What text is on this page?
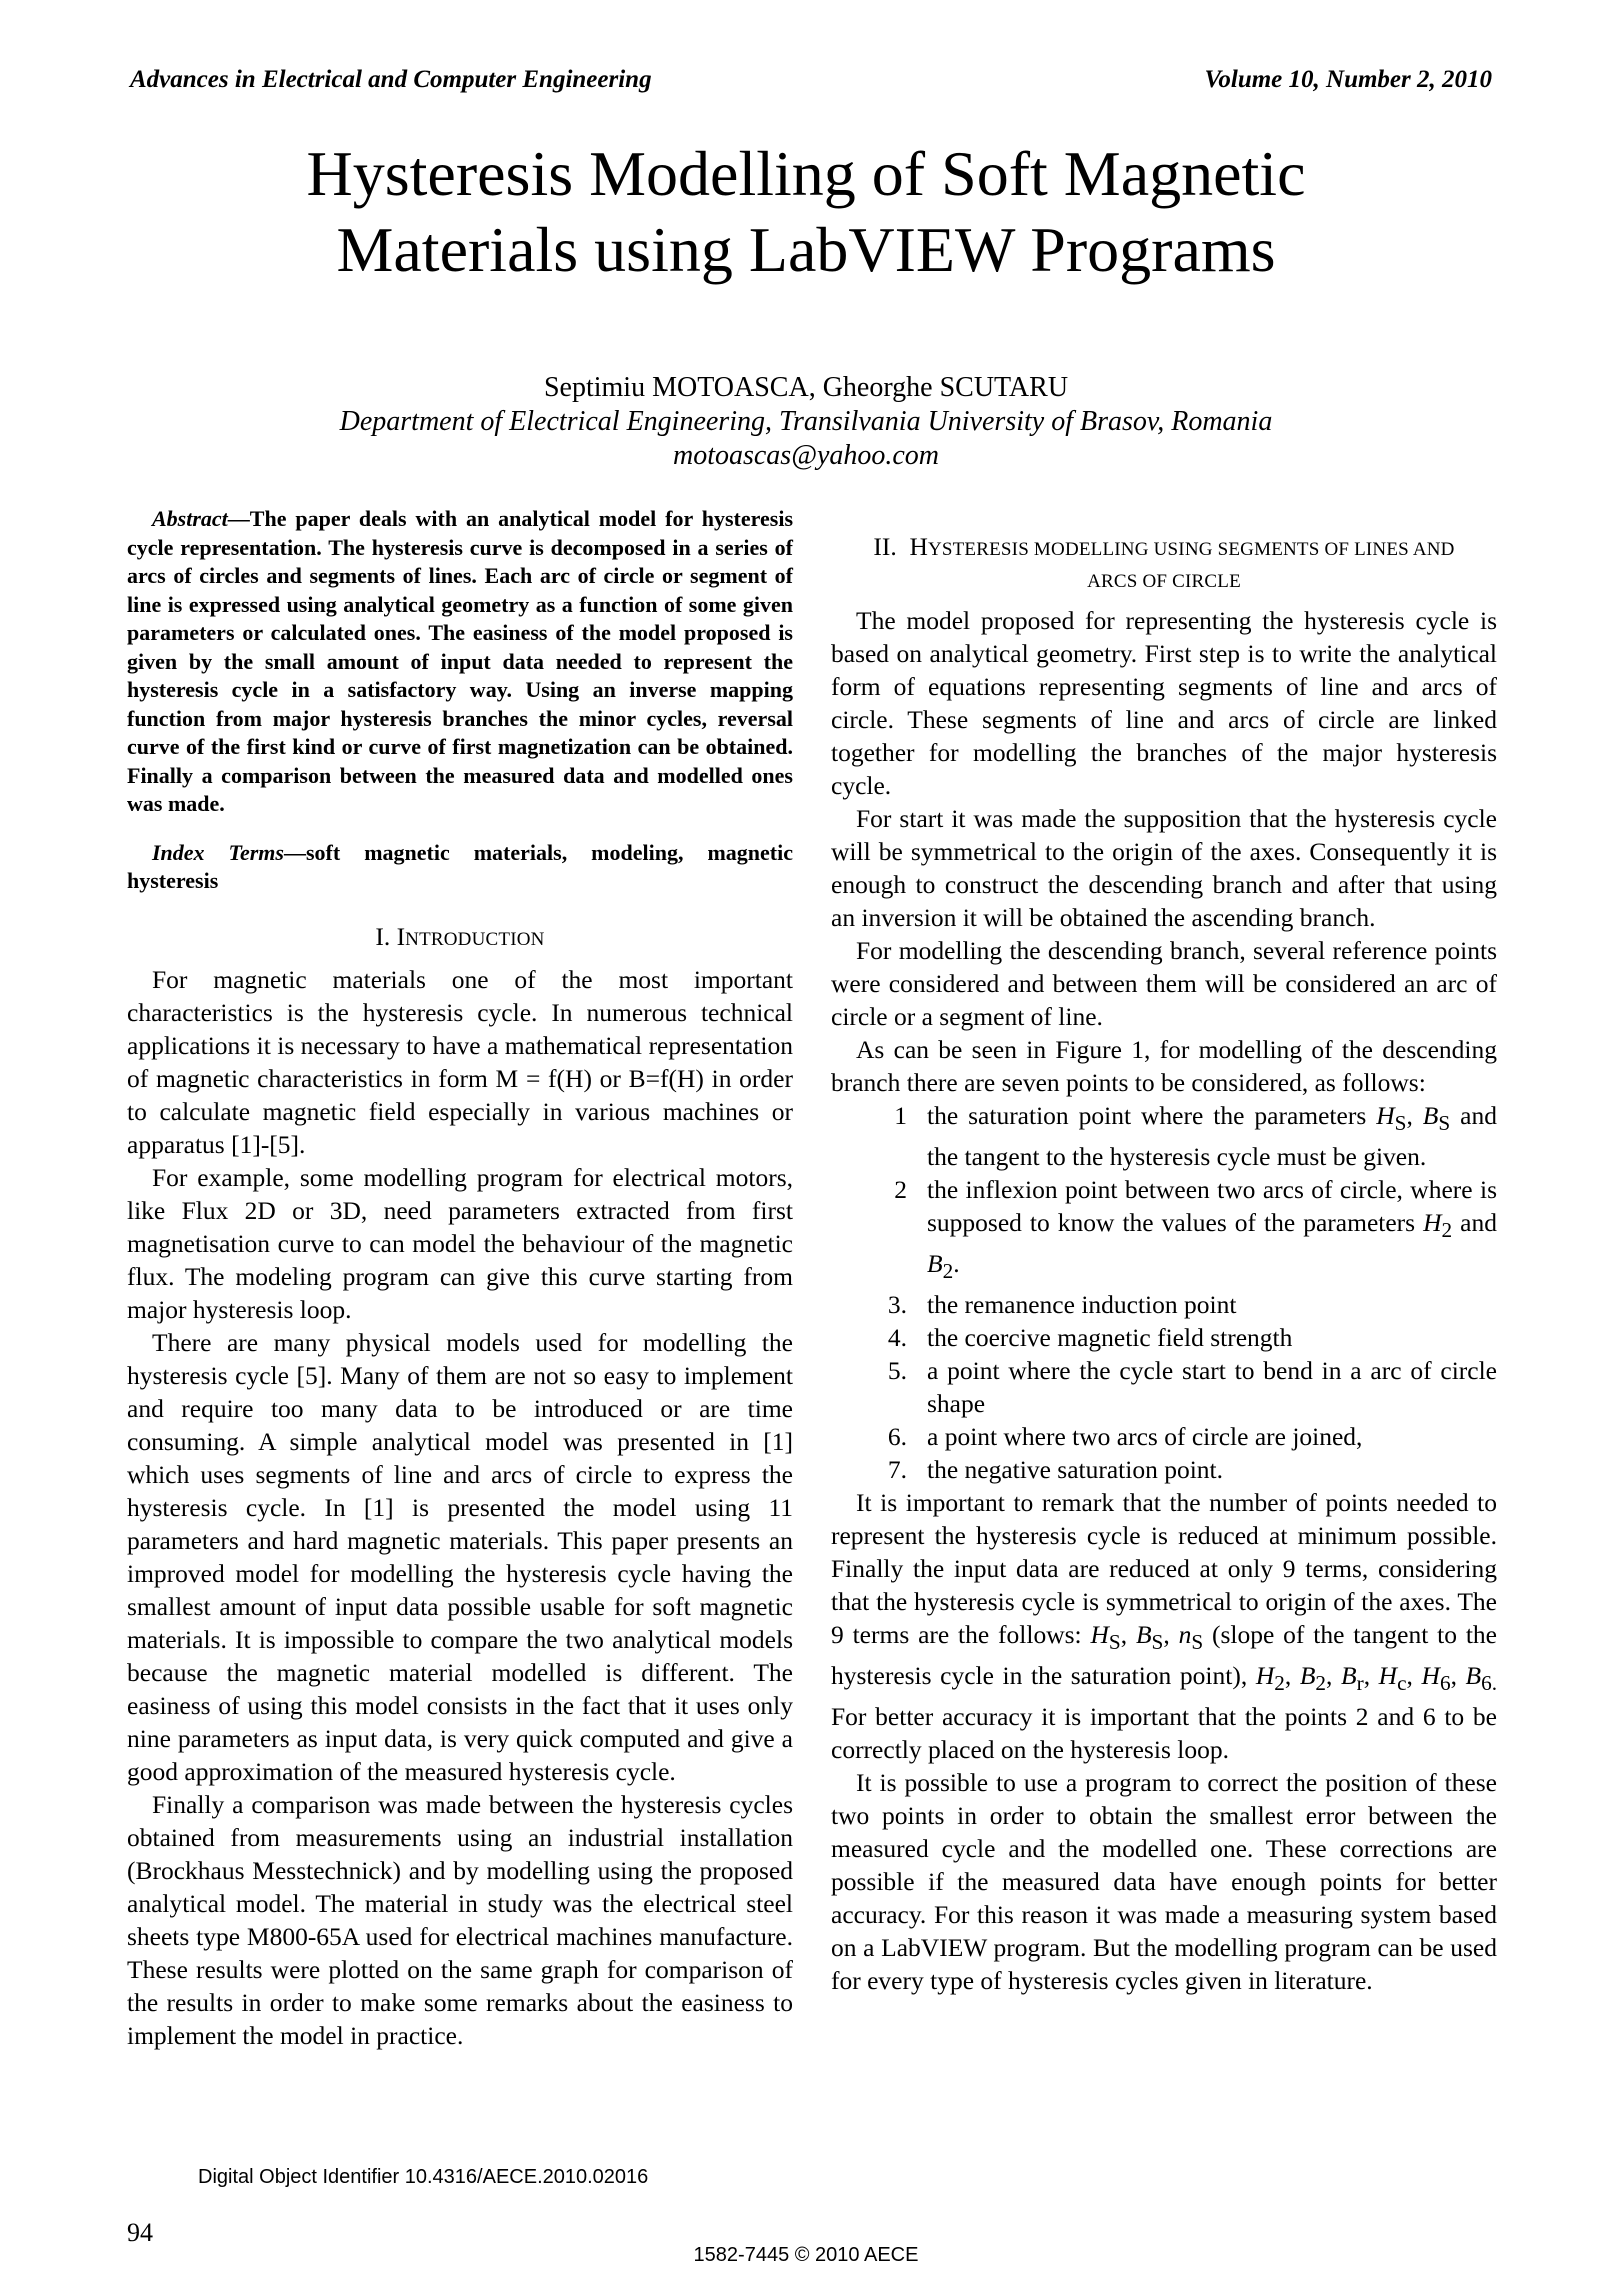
Advances in Electrical and Computer Engineering	Volume 10, Number 2, 2010
Hysteresis Modelling of Soft Magnetic
Materials using LabVIEW Programs
Septimiu MOTOASCA, Gheorghe SCUTARU
Department of Electrical Engineering, Transilvania University of Brasov, Romania
motoascas@yahoo.com

Abstract—The paper deals with an analytical model for hysteresis cycle representation. The hysteresis curve is decomposed in a series of arcs of circles and segments of lines. Each arc of circle or segment of line is expressed using analytical geometry as a function of some given parameters or calculated ones. The easiness of the model proposed is given by the small amount of input data needed to represent the hysteresis cycle in a satisfactory way. Using an inverse mapping function from major hysteresis branches the minor cycles, reversal curve of the first kind or curve of first magnetization can be obtained. Finally a comparison between the measured data and modelled ones was made.

Index Terms—soft magnetic materials, modeling, magnetic hysteresis

I. INTRODUCTION

For magnetic materials one of the most important characteristics is the hysteresis cycle. In numerous technical applications it is necessary to have a mathematical representation of magnetic characteristics in form M = f(H) or B=f(H) in order to calculate magnetic field especially in various machines or apparatus [1]-[5].

For example, some modelling program for electrical motors, like Flux 2D or 3D, need parameters extracted from first magnetisation curve to can model the behaviour of the magnetic flux. The modeling program can give this curve starting from major hysteresis loop.

There are many physical models used for modelling the hysteresis cycle [5]. Many of them are not so easy to implement and require too many data to be introduced or are time consuming. A simple analytical model was presented in [1] which uses segments of line and arcs of circle to express the hysteresis cycle. In [1] is presented the model using 11 parameters and hard magnetic materials. This paper presents an improved model for modelling the hysteresis cycle having the smallest amount of input data possible usable for soft magnetic materials. It is impossible to compare the two analytical models because the magnetic material modelled is different. The easiness of using this model consists in the fact that it uses only nine parameters as input data, is very quick computed and give a good approximation of the measured hysteresis cycle.

Finally a comparison was made between the hysteresis cycles obtained from measurements using an industrial installation (Brockhaus Messtechnick) and by modelling using the proposed analytical model. The material in study was the electrical steel sheets type M800-65A used for electrical machines manufacture. These results were plotted on the same graph for comparison of the results in order to make some remarks about the easiness to implement the model in practice.

II. HYSTERESIS MODELLING USING SEGMENTS OF LINES AND
ARCS OF CIRCLE

The model proposed for representing the hysteresis cycle is based on analytical geometry. First step is to write the analytical form of equations representing segments of line and arcs of circle. These segments of line and arcs of circle are linked together for modelling the branches of the major hysteresis cycle.

For start it was made the supposition that the hysteresis cycle will be symmetrical to the origin of the axes. Consequently it is enough to construct the descending branch and after that using an inversion it will be obtained the ascending branch.

For modelling the descending branch, several reference points were considered and between them will be considered an arc of circle or a segment of line.

As can be seen in Figure 1, for modelling of the descending branch there are seven points to be considered, as follows:

1 the saturation point where the parameters $H_S$, $B_S$ and the tangent to the hysteresis cycle must be given.
2 the inflexion point between two arcs of circle, where is supposed to know the values of the parameters $H_2$ and $B_2$.
3. the remanence induction point
4. the coercive magnetic field strength
5. a point where the cycle start to bend in a arc of circle shape
6. a point where two arcs of circle are joined,
7. the negative saturation point.

It is important to remark that the number of points needed to represent the hysteresis cycle is reduced at minimum possible. Finally the input data are reduced at only 9 terms, considering that the hysteresis cycle is symmetrical to origin of the axes. The 9 terms are the follows: $H_S$, $B_S$, $n_S$ (slope of the tangent to the hysteresis cycle in the saturation point), $H_2$, $B_2$, $B_r$, $H_c$, $H_6$, $B_{6.}$ For better accuracy it is important that the points 2 and 6 to be correctly placed on the hysteresis loop.

It is possible to use a program to correct the position of these two points in order to obtain the smallest error between the measured cycle and the modelled one. These corrections are possible if the measured data have enough points for better accuracy. For this reason it was made a measuring system based on a LabVIEW program. But the modelling program can be used for every type of hysteresis cycles given in literature.

Digital Object Identifier 10.4316/AECE.2010.02016
94
1582-7445 © 2010 AECE
